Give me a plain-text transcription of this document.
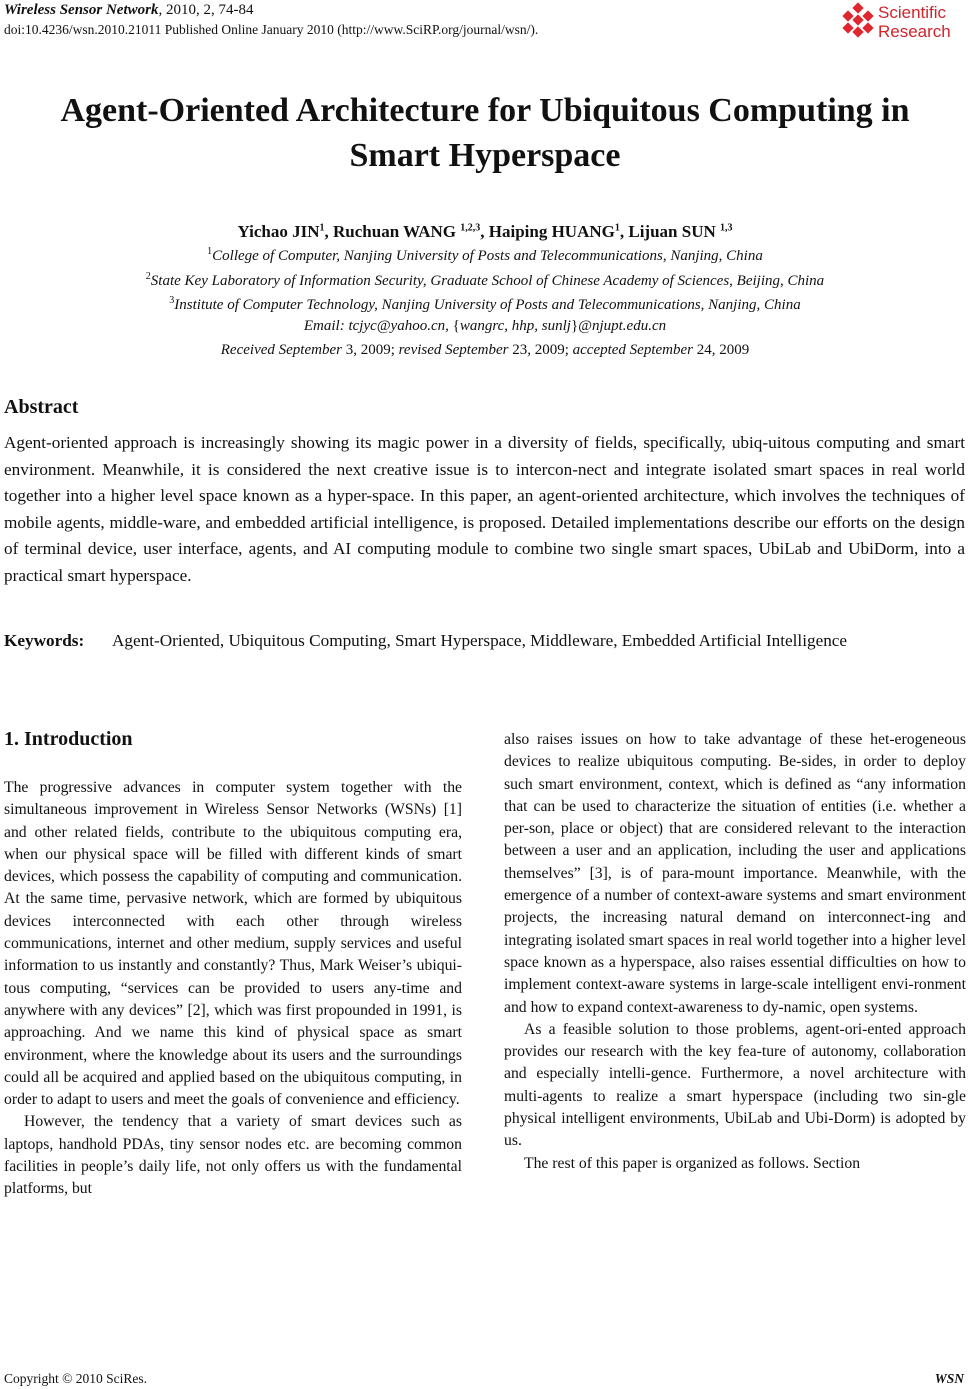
Wireless Sensor Network, 2010, 2, 74-84
doi:10.4236/wsn.2010.21011 Published Online January 2010 (http://www.SciRP.org/journal/wsn/).
Scientific
Research
Agent-Oriented Architecture for Ubiquitous Computing in
Smart Hyperspace
Yichao JIN$^1$, Ruchuan WANG $^{1,2,3}$, Haiping HUANG$^1$, Lijuan SUN $^{1,3}$
$^1$College of Computer, Nanjing University of Posts and Telecommunications, Nanjing, China
$^2$State Key Laboratory of Information Security, Graduate School of Chinese Academy of Sciences, Beijing, China
$^3$Institute of Computer Technology, Nanjing University of Posts and Telecommunications, Nanjing, China
Email: tcjyc@yahoo.cn, {wangrc, hhp, sunlj}@njupt.edu.cn
Received September 3, 2009; revised September 23, 2009; accepted September 24, 2009
Abstract
Agent-oriented approach is increasingly showing its magic power in a diversity of fields, specifically, ubiq-uitous computing and smart environment. Meanwhile, it is considered the next creative issue is to intercon-nect and integrate isolated smart spaces in real world together into a higher level space known as a hyper-space. In this paper, an agent-oriented architecture, which involves the techniques of mobile agents, middle-ware, and embedded artificial intelligence, is proposed. Detailed implementations describe our efforts on the design of terminal device, user interface, agents, and AI computing module to combine two single smart spaces, UbiLab and UbiDorm, into a practical smart hyperspace.
Keywords: Agent-Oriented, Ubiquitous Computing, Smart Hyperspace, Middleware, Embedded Artificial Intelligence
1. Introduction

The progressive advances in computer system together with the simultaneous improvement in Wireless Sensor Networks (WSNs) [1] and other related fields, contribute to the ubiquitous computing era, when our physical space will be filled with different kinds of smart devices, which possess the capability of computing and communication. At the same time, pervasive network, which are formed by ubiquitous devices interconnected with each other through wireless communications, internet and other medium, supply services and useful information to us instantly and constantly? Thus, Mark Weiser’s ubiqui-tous computing, “services can be provided to users any-time and anywhere with any devices” [2], which was first propounded in 1991, is approaching. And we name this kind of physical space as smart environment, where the knowledge about its users and the surroundings could all be acquired and applied based on the ubiquitous computing, in order to adapt to users and meet the goals of convenience and efficiency.

However, the tendency that a variety of smart devices such as laptops, handhold PDAs, tiny sensor nodes etc. are becoming common facilities in people’s daily life, not only offers us with the fundamental platforms, but

also raises issues on how to take advantage of these het-erogeneous devices to realize ubiquitous computing. Be-sides, in order to deploy such smart environment, context, which is defined as “any information that can be used to characterize the situation of entities (i.e. whether a per-son, place or object) that are considered relevant to the interaction between a user and an application, including the user and applications themselves” [3], is of para-mount importance. Meanwhile, with the emergence of a number of context-aware systems and smart environment projects, the increasing natural demand on interconnect-ing and integrating isolated smart spaces in real world together into a higher level space known as a hyperspace, also raises essential difficulties on how to implement context-aware systems in large-scale intelligent envi-ronment and how to expand context-awareness to dy-namic, open systems.

As a feasible solution to those problems, agent-ori-ented approach provides our research with the key fea-ture of autonomy, collaboration and especially intelli-gence. Furthermore, a novel architecture with multi-agents to realize a smart hyperspace (including two sin-gle physical intelligent environments, UbiLab and Ubi-Dorm) is adopted by us.

The rest of this paper is organized as follows. Section

Copyright © 2010 SciRes.	WSN
